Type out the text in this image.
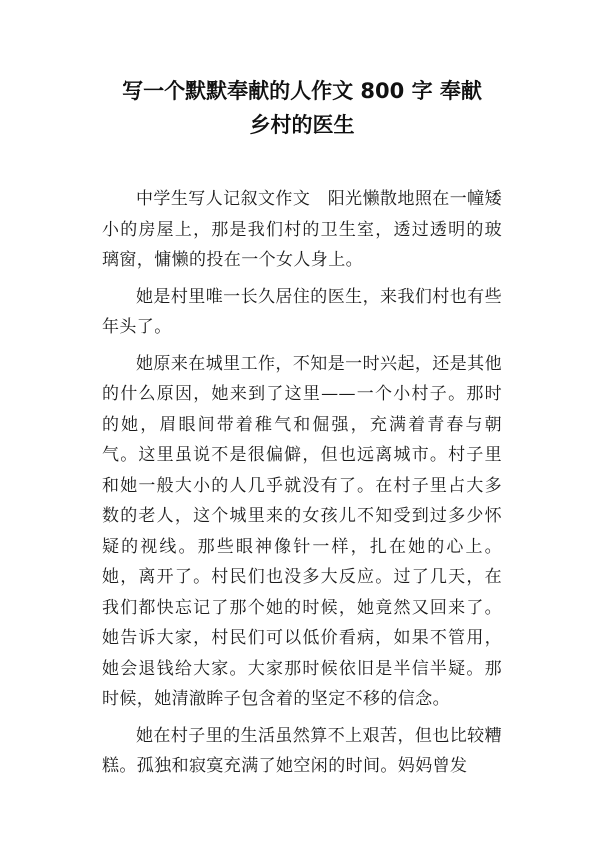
写一个默默奉献的人作文 800 字 奉献
乡村的医生

中学生写人记叙文作文　阳光懒散地照在一幢矮小的房屋上，那是我们村的卫生室，透过透明的玻璃窗，慵懒的投在一个女人身上。

她是村里唯一长久居住的医生，来我们村也有些年头了。

她原来在城里工作，不知是一时兴起，还是其他的什么原因，她来到了这里——一个小村子。那时的她，眉眼间带着稚气和倔强，充满着青春与朝气。这里虽说不是很偏僻，但也远离城市。村子里和她一般大小的人几乎就没有了。在村子里占大多数的老人，这个城里来的女孩儿不知受到过多少怀疑的视线。那些眼神像针一样，扎在她的心上。她，离开了。村民们也没多大反应。过了几天，在我们都快忘记了那个她的时候，她竟然又回来了。她告诉大家，村民们可以低价看病，如果不管用，她会退钱给大家。大家那时候依旧是半信半疑。那时候，她清澈眸子包含着的坚定不移的信念。

她在村子里的生活虽然算不上艰苦，但也比较糟糕。孤独和寂寞充满了她空闲的时间。妈妈曾发
